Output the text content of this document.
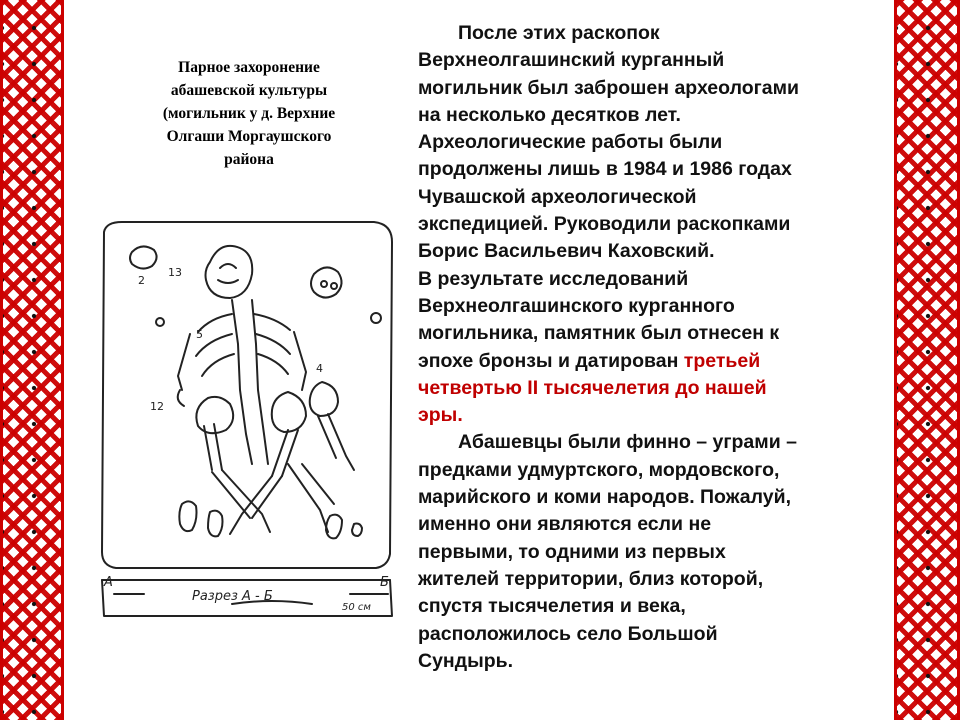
Парное захоронение
абашевской культуры
(могильник у д. Верхние
Олгаши Моргаушского
района
2
13
12
5
4
А	Б
Разрез А - Б
50 см
После этих раскопок
Верхнеолгашинский курганный
могильник был заброшен археологами
на несколько десятков лет.
Археологические работы были
продолжены лишь в 1984 и 1986 годах
Чувашской археологической
экспедицией. Руководили раскопками
Борис Васильевич Каховский.
В результате исследований
Верхнеолгашинского курганного
могильника, памятник был отнесен к
эпохе бронзы и датирован третьей
четвертью II тысячелетия до нашей
эры.
Абашевцы были финно – уграми –
предками удмуртского, мордовского,
марийского и коми народов. Пожалуй,
именно они являются если не
первыми, то одними из первых
жителей территории, близ которой,
спустя тысячелетия и века,
расположилось село Большой
Сундырь.
